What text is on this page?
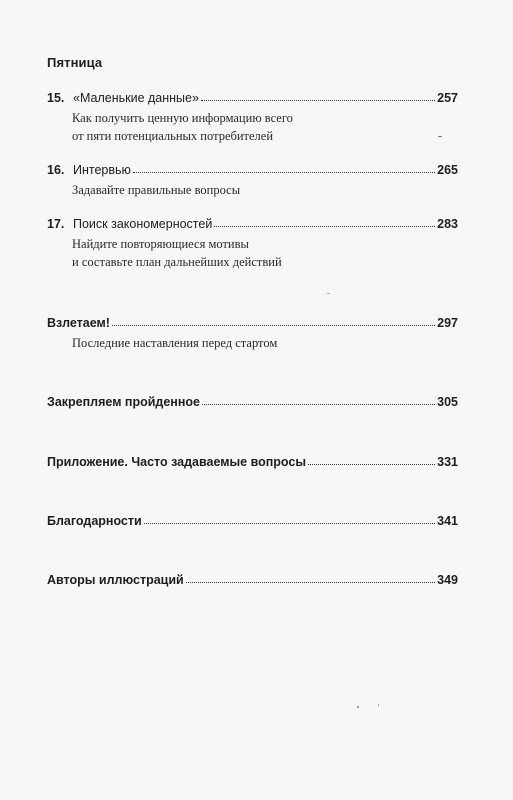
Пятница
15. «Маленькие данные»	257
Как получить ценную информацию всего
от пяти потенциальных потребителей
16. Интервью	265
Задавайте правильные вопросы
17. Поиск закономерностей	283
Найдите повторяющиеся мотивы
и составьте план дальнейших действий
Взлетаем!	297
Последние наставления перед стартом
Закрепляем пройденное	305
Приложение. Часто задаваемые вопросы	331
Благодарности	341
Авторы иллюстраций	349
